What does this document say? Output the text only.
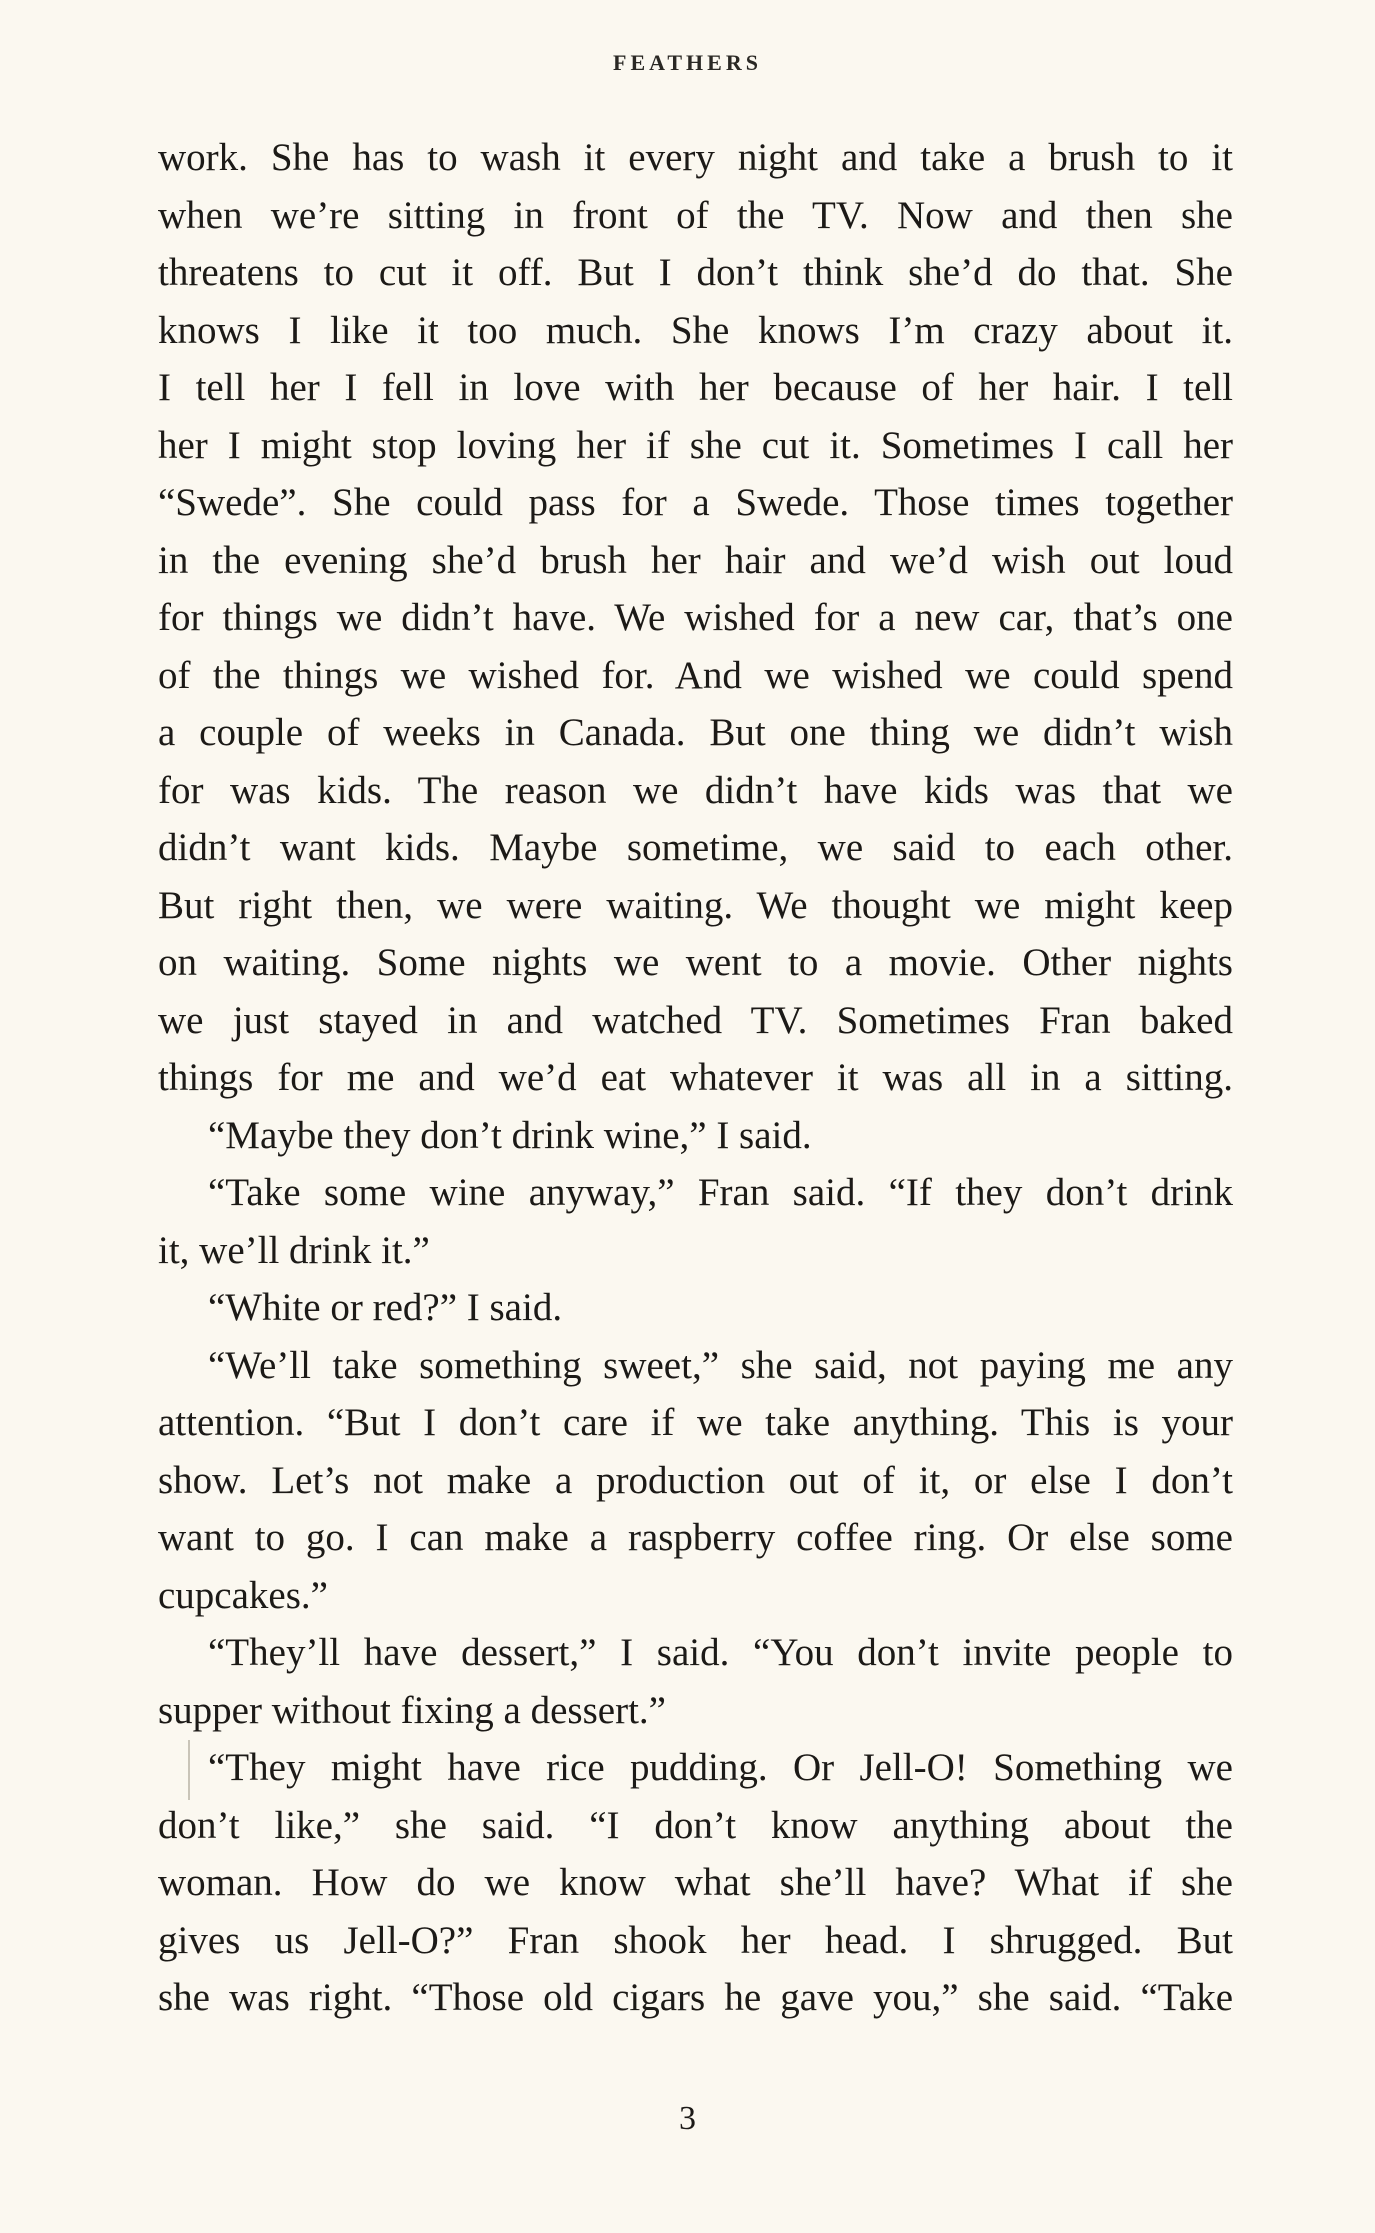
FEATHERS
work. She has to wash it every night and take a brush to it
when we’re sitting in front of the TV. Now and then she
threatens to cut it off. But I don’t think she’d do that. She
knows I like it too much. She knows I’m crazy about it.
I tell her I fell in love with her because of her hair. I tell
her I might stop loving her if she cut it. Sometimes I call her
“Swede”. She could pass for a Swede. Those times together
in the evening she’d brush her hair and we’d wish out loud
for things we didn’t have. We wished for a new car, that’s one
of the things we wished for. And we wished we could spend
a couple of weeks in Canada. But one thing we didn’t wish
for was kids. The reason we didn’t have kids was that we
didn’t want kids. Maybe sometime, we said to each other.
But right then, we were waiting. We thought we might keep
on waiting. Some nights we went to a movie. Other nights
we just stayed in and watched TV. Sometimes Fran baked
things for me and we’d eat whatever it was all in a sitting.
“Maybe they don’t drink wine,” I said.
“Take some wine anyway,” Fran said. “If they don’t drink
it, we’ll drink it.”
“White or red?” I said.
“We’ll take something sweet,” she said, not paying me any
attention. “But I don’t care if we take anything. This is your
show. Let’s not make a production out of it, or else I don’t
want to go. I can make a raspberry coffee ring. Or else some
cupcakes.”
“They’ll have dessert,” I said. “You don’t invite people to
supper without fixing a dessert.”
“They might have rice pudding. Or Jell-O! Something we
don’t like,” she said. “I don’t know anything about the
woman. How do we know what she’ll have? What if she
gives us Jell-O?” Fran shook her head. I shrugged. But
she was right. “Those old cigars he gave you,” she said. “Take
3
